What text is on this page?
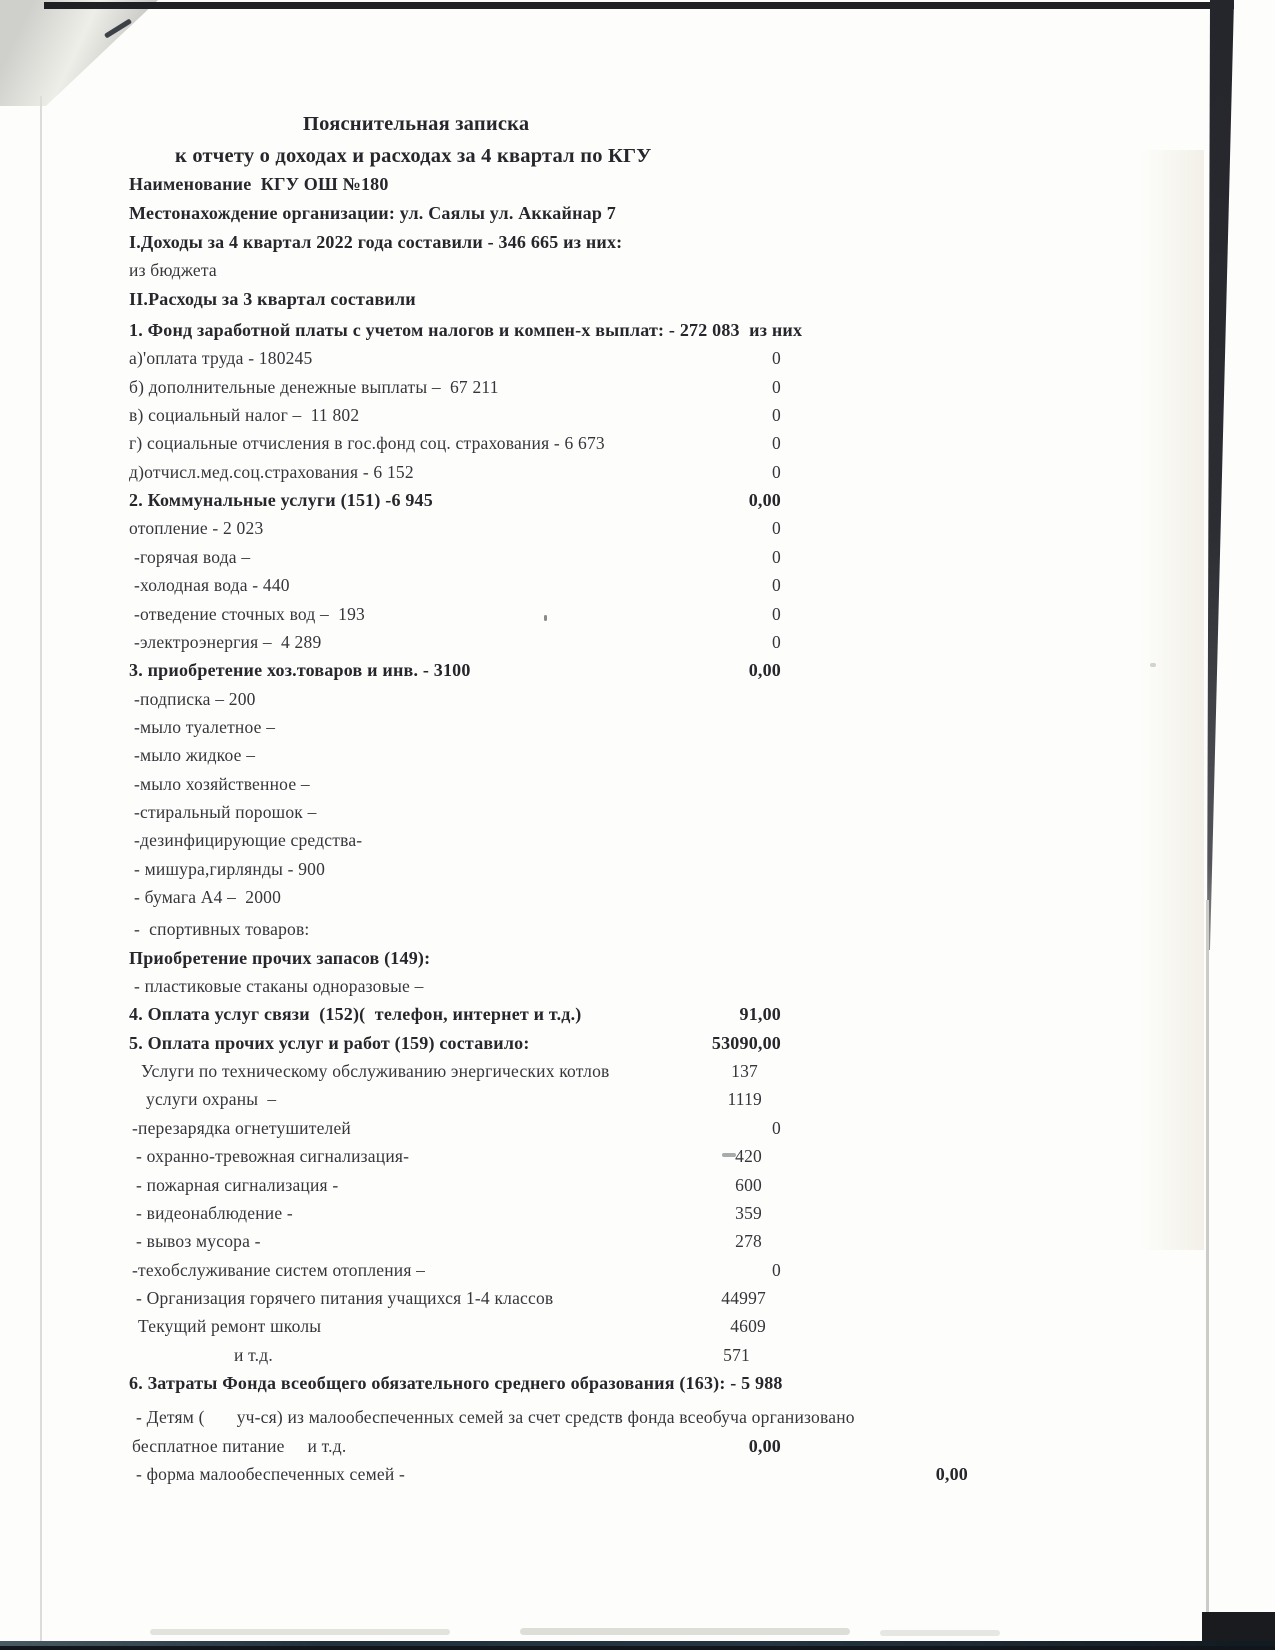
Пояснительная записка
к отчету о доходах и расходах за 4 квартал по КГУ
Наименование  КГУ ОШ №180
Местонахождение организации: ул. Саялы ул. Аккайнар 7
I.Доходы за 4 квартал 2022 года составили - 346 665 из них:
из бюджета
II.Расходы за 3 квартал составили
1. Фонд заработной платы с учетом налогов и компен-х выплат: - 272 083  из них
а)'оплата труда - 180245	0
б) дополнительные денежные выплаты –  67 211	0
в) социальный налог –  11 802	0
г) социальные отчисления в гос.фонд соц. страхования - 6 673	0
д)отчисл.мед.соц.страхования - 6 152	0
2. Коммунальные услуги (151) -6 945	0,00
отопление - 2 023	0
-горячая вода –	0
-холодная вода - 440	0
-отведение сточных вод –  193	0
-электроэнергия –  4 289	0
3. приобретение хоз.товаров и инв. - 3100	0,00
-подписка – 200
-мыло туалетное –
-мыло жидкое –
-мыло хозяйственное –
-стиральный порошок –
-дезинфицирующие средства-
- мишура,гирлянды - 900
- бумага А4 –  2000
-  спортивных товаров:
Приобретение прочих запасов (149):
- пластиковые стаканы одноразовые –
4. Оплата услуг связи  (152)(  телефон, интернет и т.д.)	91,00
5. Оплата прочих услуг и работ (159) составило:	53090,00
Услуги по техническому обслуживанию энергических котлов	137
услуги охраны  –	1119
-перезарядка огнетушителей	0
- охранно-тревожная сигнализация-	420
- пожарная сигнализация -	600
- видеонаблюдение -	359
- вывоз мусора -	278
-техобслуживание систем отопления –	0
- Организация горячего питания учащихся 1-4 классов	44997
Текущий ремонт школы	4609
и т.д.	571
6. Затраты Фонда всеобщего обязательного среднего образования (163): - 5 988
- Детям (       уч-ся) из малообеспеченных семей за счет средств фонда всеобуча организовано
бесплатное питание     и т.д.	0,00
- форма малообеспеченных семей -	0,00
